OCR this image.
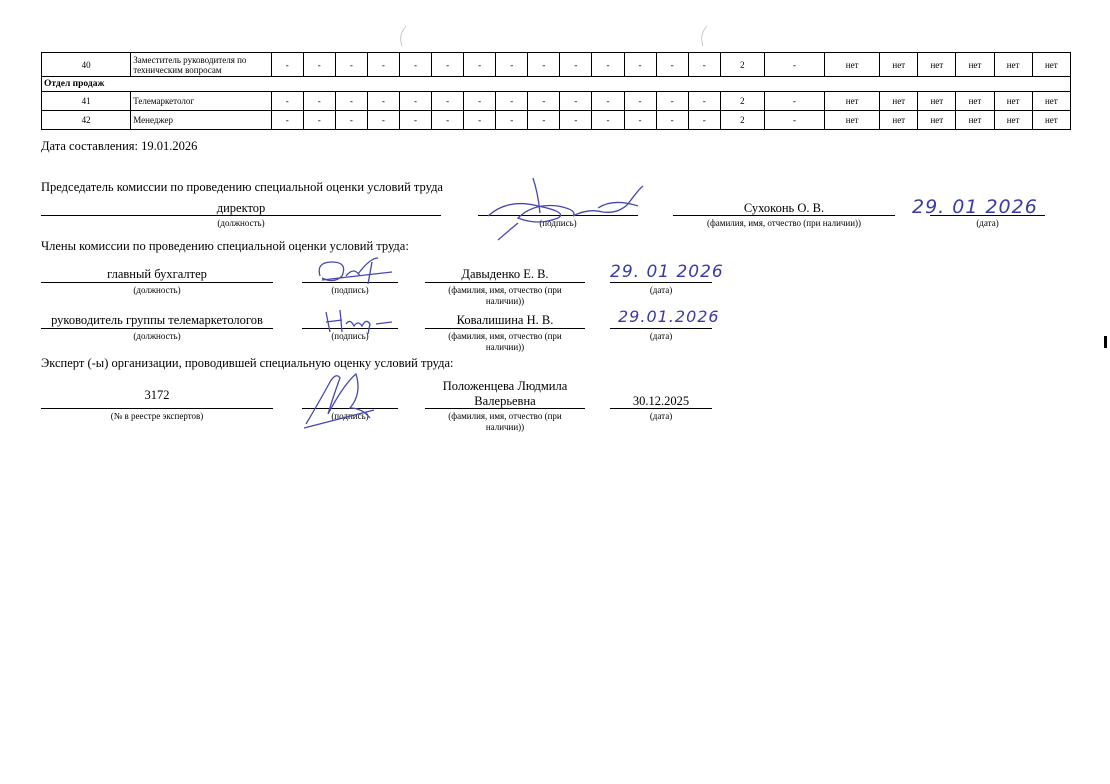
40	Заместитель руководителя по техническим вопросам	-	-	-	-	-	-	-	-	-	-	-	-	-	-	2	-	нет	нет	нет	нет	нет	нет
Отдел продаж																							
41	Телемаркетолог	-	-	-	-	-	-	-	-	-	-	-	-	-	-	2	-	нет	нет	нет	нет	нет	нет
42	Менеджер	-	-	-	-	-	-	-	-	-	-	-	-	-	-	2	-	нет	нет	нет	нет	нет	нет
Дата составления: 19.01.2026
Председатель комиссии по проведению специальной оценки условий труда
директор
(должность)	(подпись)
Сухоконь О. В.
(фамилия, имя, отчество (при наличии))
29. 01 2026
(дата)
Члены комиссии по проведению специальной оценки условий труда:
главный бухгалтер
(должность)	(подпись)
Давыденко Е. В.
(фамилия, имя, отчество (при
наличии))
29. 01 2026
(дата)
руководитель группы телемаркетологов
(должность)	(подпись)
Ковалишина Н. В.
(фамилия, имя, отчество (при
наличии))
29.01.2026
(дата)
Эксперт (-ы) организации, проводившей специальную оценку условий труда:
3172
(№ в реестре экспертов)	(подпись)
Положенцева Людмила
Валерьевна
(фамилия, имя, отчество (при
наличии))
30.12.2025
(дата)
